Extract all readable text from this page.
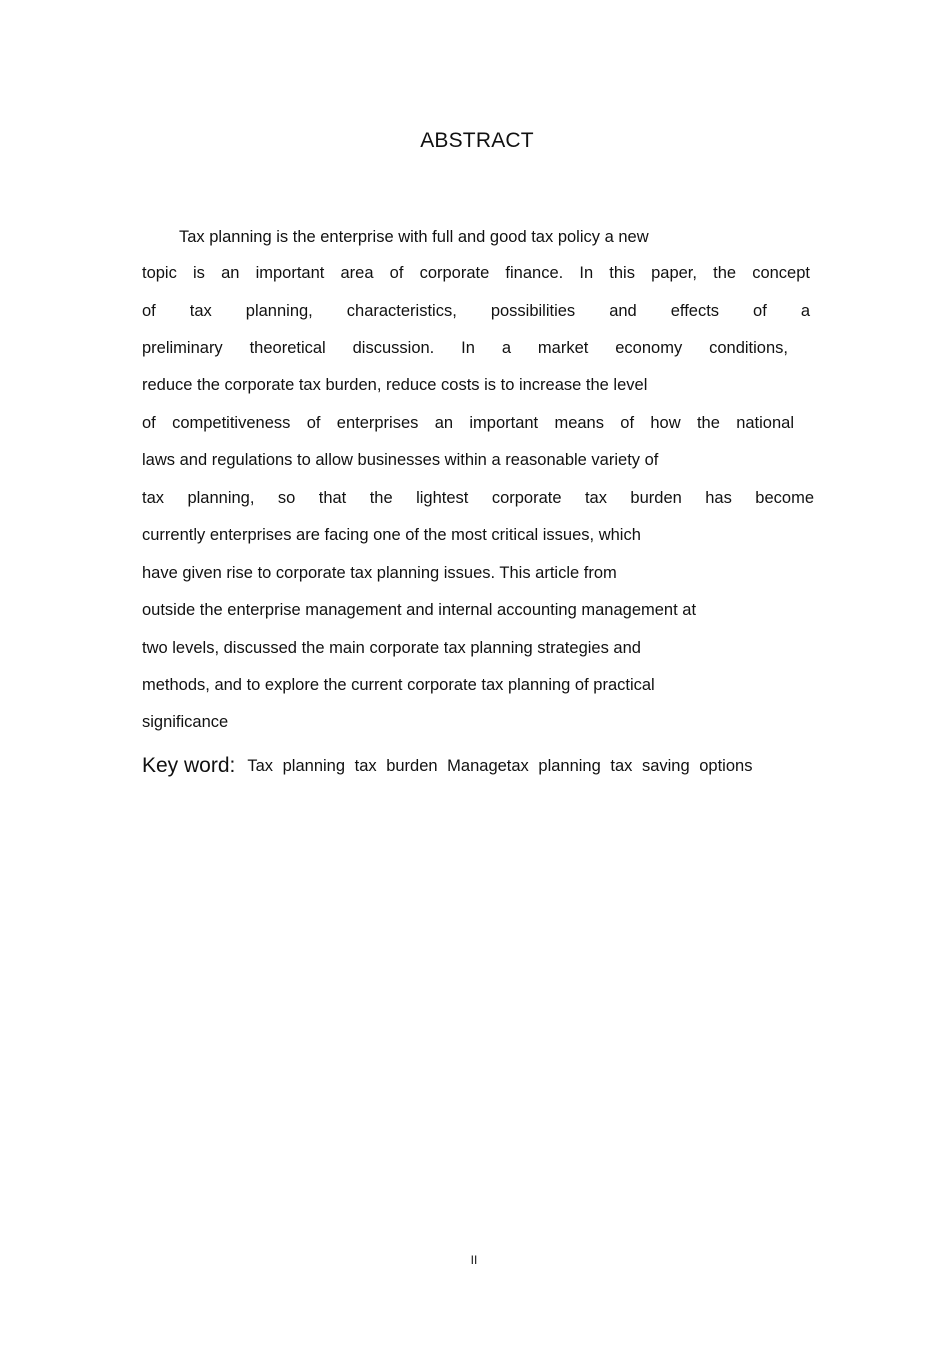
ABSTRACT
Tax planning is the enterprise with full and good tax policy a new
topic is an important area of corporate finance. In this paper, the concept
of tax planning, characteristics, possibilities and effects of a
preliminary theoretical discussion. In a market economy conditions,
reduce the corporate tax burden, reduce costs is to increase the level
of competitiveness of enterprises an important means of how the national
laws and regulations to allow businesses within a reasonable variety of
tax planning, so that the lightest corporate tax burden has become
currently enterprises are facing one of the most critical issues, which
have given rise to corporate tax planning issues. This article from
outside the enterprise management and internal accounting management at
two levels, discussed the main corporate tax planning strategies and
methods, and to explore the current corporate tax planning of practical
significance
Key word: Tax planning tax burden Managetax planning tax saving options
II
